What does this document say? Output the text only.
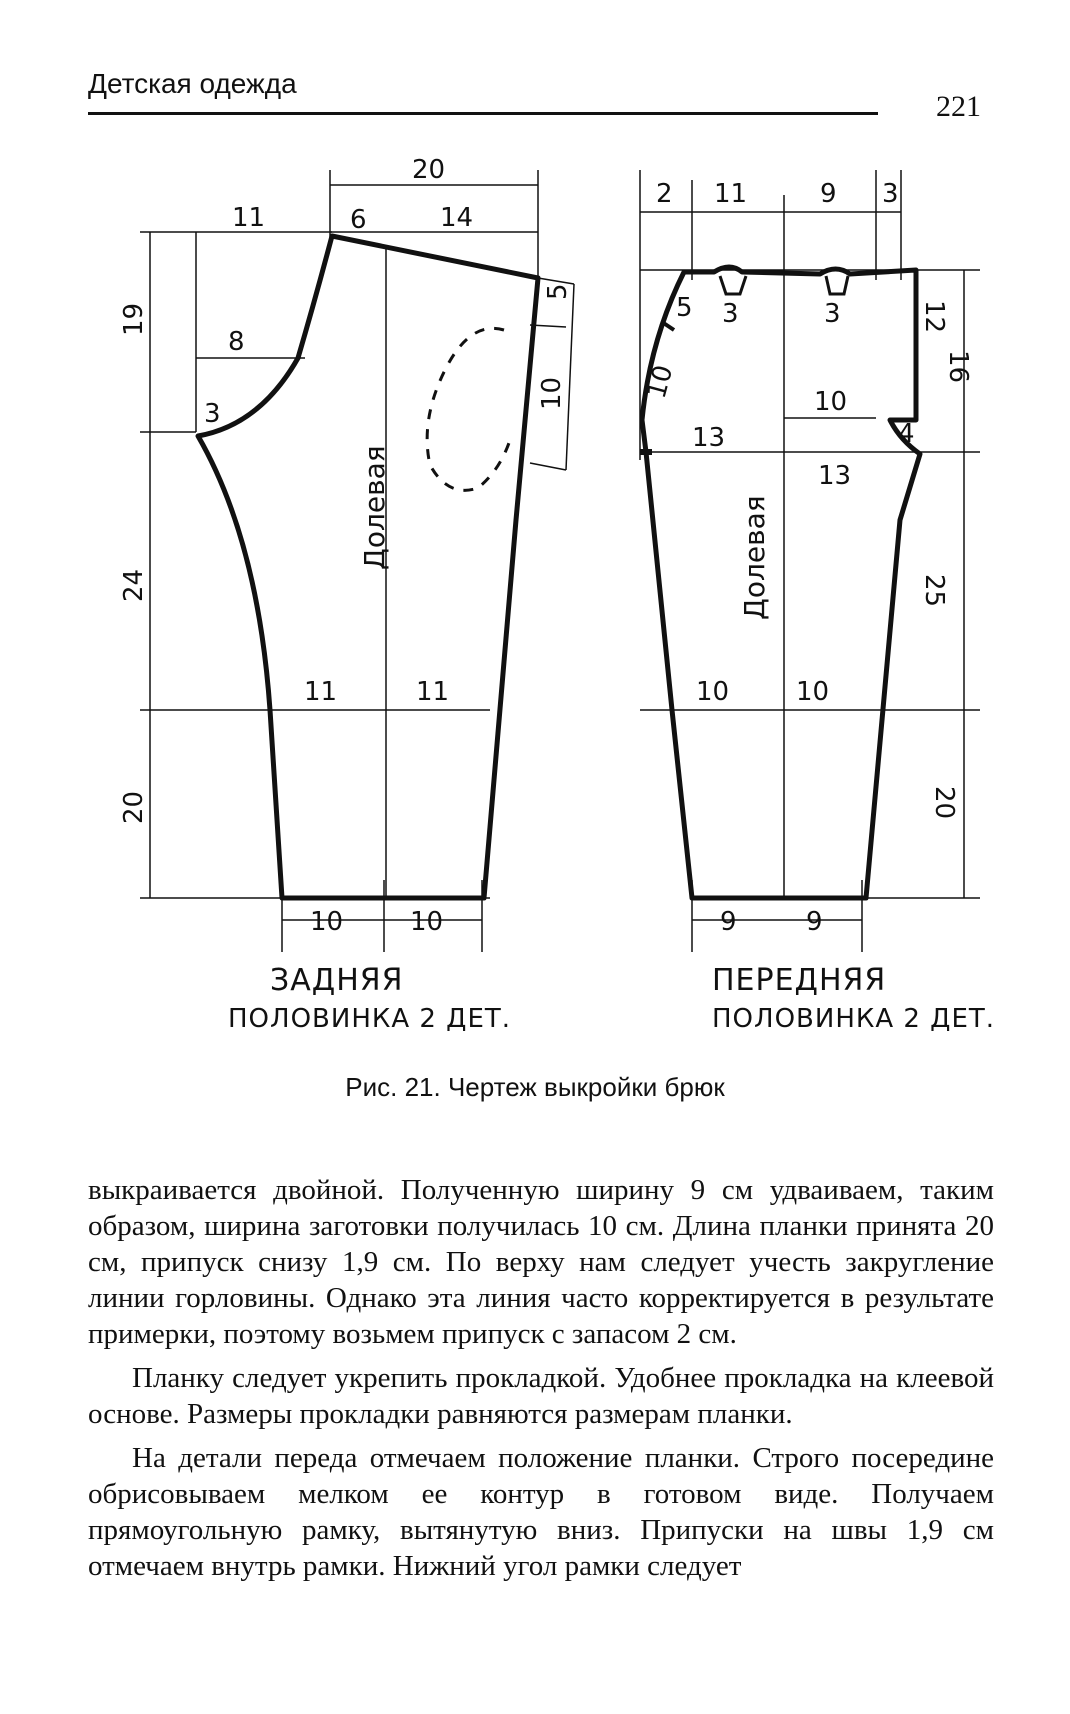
Детская одежда
221
20
11	6	14
19
8
3
5
10
Долевая
24
11	11
20
10	10
2 11	9 3
5 3	3	12
16
10
10
13
13
4
Долевая	25
10	10
20
9	9
ЗАДНЯЯ
ПОЛОВИНКА 2 ДЕТ.
ПЕРЕДНЯЯ
ПОЛОВИНКА 2 ДЕТ.
Рис. 21. Чертеж выкройки брюк

выкраивается двойной. Полученную ширину 9 см удваиваем, таким образом, ширина заготовки получилась 10 см. Длина планки принята 20 см, припуск снизу 1,9 см. По верху нам следует учесть закругление линии горловины. Однако эта линия часто корректируется в результате примерки, поэтому возьмем припуск с запасом 2 см.

Планку следует укрепить прокладкой. Удобнее прокладка на клеевой основе. Размеры прокладки равняются размерам планки.

На детали переда отмечаем положение планки. Строго посередине обрисовываем мелком ее контур в готовом виде. Получаем прямоугольную рамку, вытянутую вниз. Припуски на швы 1,9 см отмечаем внутрь рамки. Нижний угол рамки следует
